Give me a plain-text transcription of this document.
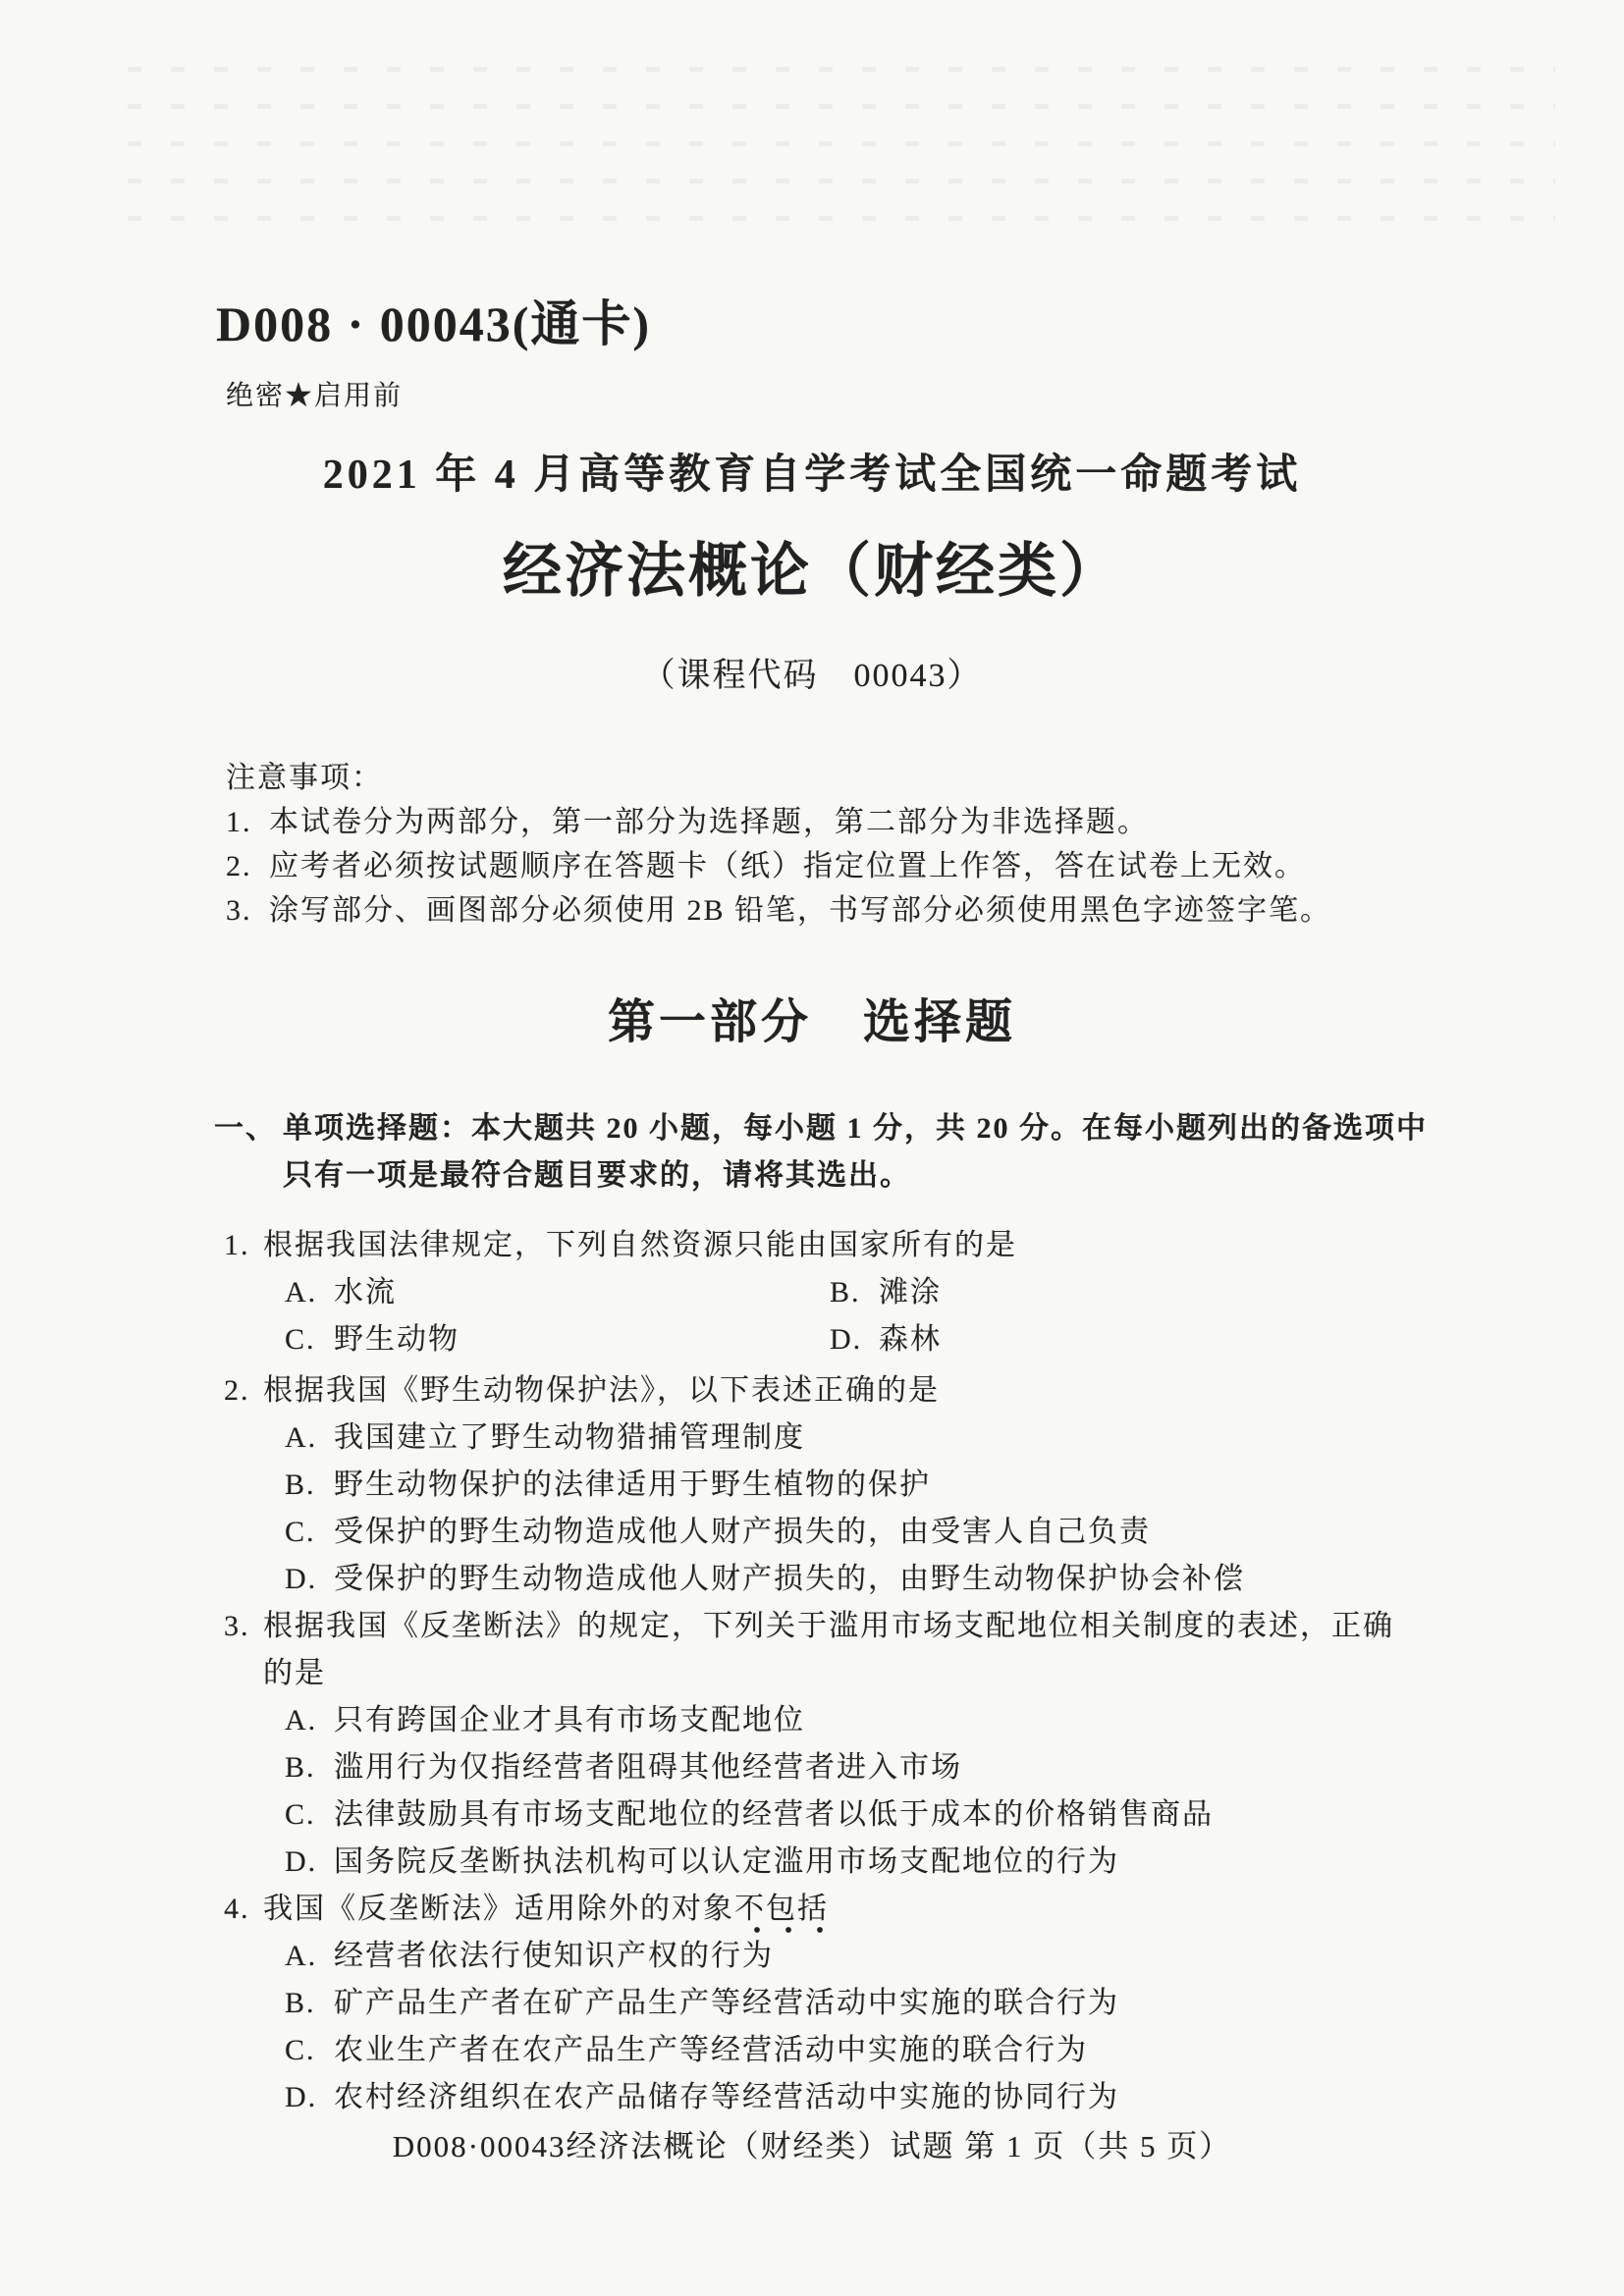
D008 · 00043(通卡)
绝密★启用前
2021 年 4 月高等教育自学考试全国统一命题考试
经济法概论（财经类）
（课程代码　00043）
注意事项：
1. 本试卷分为两部分，第一部分为选择题，第二部分为非选择题。
2. 应考者必须按试题顺序在答题卡（纸）指定位置上作答，答在试卷上无效。
3. 涂写部分、画图部分必须使用 2B 铅笔，书写部分必须使用黑色字迹签字笔。
第一部分　选择题
一、 单项选择题：本大题共 20 小题，每小题 1 分，共 20 分。在每小题列出的备选项中
只有一项是最符合题目要求的，请将其选出。
1. 根据我国法律规定，下列自然资源只能由国家所有的是
A. 水流	B. 滩涂
C. 野生动物	D. 森林
2. 根据我国《野生动物保护法》，以下表述正确的是
A. 我国建立了野生动物猎捕管理制度
B. 野生动物保护的法律适用于野生植物的保护
C. 受保护的野生动物造成他人财产损失的，由受害人自己负责
D. 受保护的野生动物造成他人财产损失的，由野生动物保护协会补偿
3. 根据我国《反垄断法》的规定，下列关于滥用市场支配地位相关制度的表述，正确
的是
A. 只有跨国企业才具有市场支配地位
B. 滥用行为仅指经营者阻碍其他经营者进入市场
C. 法律鼓励具有市场支配地位的经营者以低于成本的价格销售商品
D. 国务院反垄断执法机构可以认定滥用市场支配地位的行为
4. 我国《反垄断法》适用除外的对象不包括
A. 经营者依法行使知识产权的行为
B. 矿产品生产者在矿产品生产等经营活动中实施的联合行为
C. 农业生产者在农产品生产等经营活动中实施的联合行为
D. 农村经济组织在农产品储存等经营活动中实施的协同行为
D008·00043经济法概论（财经类）试题 第 1 页（共 5 页）
